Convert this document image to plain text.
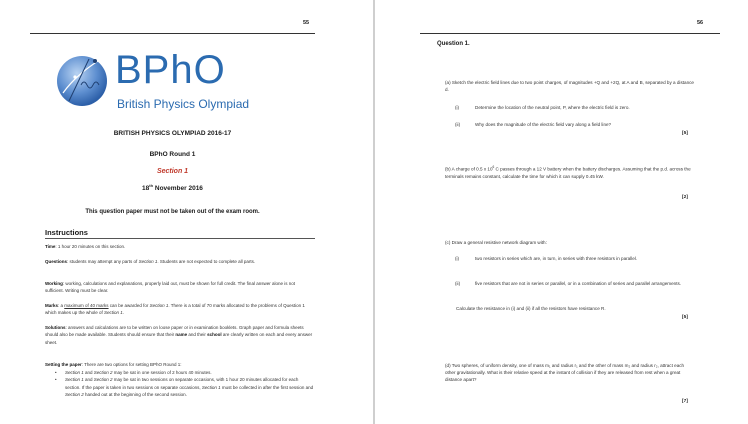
55
BPhO
British Physics Olympiad
BRITISH PHYSICS OLYMPIAD 2016-17
BPhO Round 1
Section 1
18th November 2016
This question paper must not be taken out of the exam room.
Instructions
Time: 1 hour 20 minutes on this section.
Questions: students may attempt any parts of Section 1. Students are not expected to complete all parts.
Working: working, calculations and explanations, properly laid out, must be shown for full credit. The final answer alone is not sufficient. Writing must be clear.
Marks: a maximum of 40 marks can be awarded for Section 1. There is a total of 70 marks allocated to the problems of Question 1 which makes up the whole of Section 1.
Solutions: answers and calculations are to be written on loose paper or in examination booklets. Graph paper and formula sheets should also be made available. Students should ensure that their name and their school are clearly written on each and every answer sheet.
Setting the paper: There are two options for setting BPhO Round 1:
•	Section 1 and Section 2 may be sat in one session of 2 hours 40 minutes.
•	Section 1 and Section 2 may be sat in two sessions on separate occasions, with 1 hour 20 minutes allocated for each section. If the paper is taken in two sessions on separate occasions, Section 1 must be collected in after the first session and Section 2 handed out at the beginning of the second session.
56
Question 1.
(a) Sketch the electric field lines due to two point charges, of magnitudes +Q and +2Q, at A and B, separated by a distance d.
(i)	Determine the location of the neutral point, P, where the electric field is zero.
(ii)	Why does the magnitude of the electric field vary along a field line?
[5]
(b) A charge of 0.5 x $10^6$ C passes through a 12 V battery when the battery discharges. Assuming that the p.d. across the terminals remains constant, calculate the time for which it can supply 0.45 kW.
[2]
(c) Draw a general resistive network diagram with:
(i)	two resistors in series which are, in turn, in series with three resistors in parallel.
(ii)	five resistors that are not in series or parallel, or in a combination of series and parallel arrangements.
Calculate the resistance in (i) and (ii) if all the resistors have resistance R.
[5]
(d) Two spheres, of uniform density, one of mass m₁ and radius r₁ and the other of mass m₂ and radius r₂, attract each other gravitationally. What is their relative speed at the instant of collision if they are released from rest when a great distance apart?
[7]
